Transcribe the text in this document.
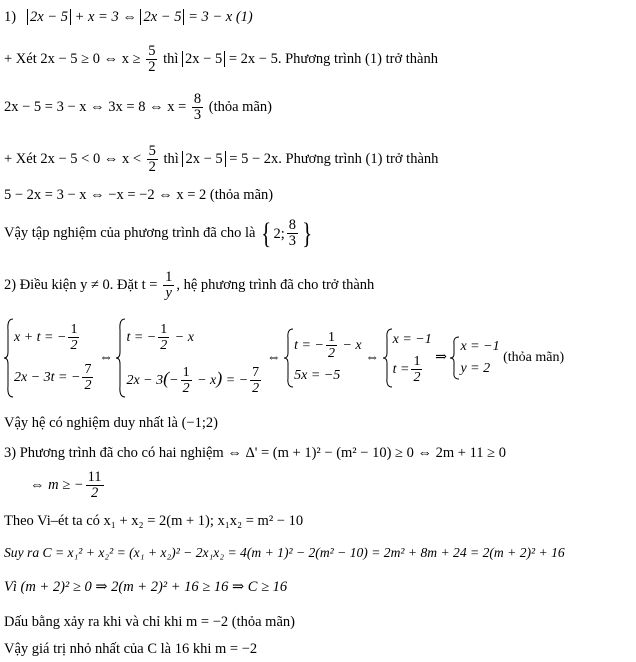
1) 2x − 5 + x = 3 ⇔ 2x − 5 = 3 − x (1)
+ Xét 2x − 5 ≥ 0 ⇔ $x \ge \frac{5}{2}$ thì 2x − 5 = 2x − 5. Phương trình (1) trở thành
2x − 5 = 3 − x ⇔ 3x = 8 ⇔ $x = \frac{8}{3}$ (thỏa mãn)
+ Xét 2x − 5 < 0 ⇔ $x < \frac{5}{2}$ thì 2x − 5 = 5 − 2x. Phương trình (1) trở thành
5 − 2x = 3 − x ⇔ −x = −2 ⇔ x = 2 (thỏa mãn)
Vậy tập nghiệm của phương trình đã cho là { 2; $\frac{8}{3}$ }
2) Điều kiện y ≠ 0. Đặt $t = \frac{1}{y}$ , hệ phương trình đã cho trở thành
x + t = − $\frac{1}{2}$
2x − 3t = − $\frac{7}{2}$
⇔
t = − $\frac{1}{2} - x$
$2x - 3(- \frac{1}{2} - x)$ = − $\frac{7}{2}$
⇔
t = − $\frac{1}{2} - x$
5x = −5
⇔
x = −1
$t = \frac{1}{2}$ ⇒
x = −1
y = 2
(thỏa mãn)
Vậy hệ có nghiệm duy nhất là (−1;2)
3) Phương trình đã cho có hai nghiệm ⇔ Δ' = (m + 1)² − (m² − 10) ≥ 0 ⇔ 2m + 11 ≥ 0
⇔ m ≥ − $\frac{11}{2}$
Theo Vi–ét ta có x₁ + x₂ = 2(m + 1); x₁x₂ = m² − 10
Suy ra C = x₁² + x₂² = (x₁ + x₂)² − 2x₁x₂ = 4(m + 1)² − 2(m² − 10) = 2m² + 8m + 24 = 2(m + 2)² + 16
Vì (m + 2)² ≥ 0 ⇒ 2(m + 2)² + 16 ≥ 16 ⇒ C ≥ 16
Dấu bằng xảy ra khi và chỉ khi m = −2 (thỏa mãn)
Vậy giá trị nhỏ nhất của C là 16 khi m = −2
